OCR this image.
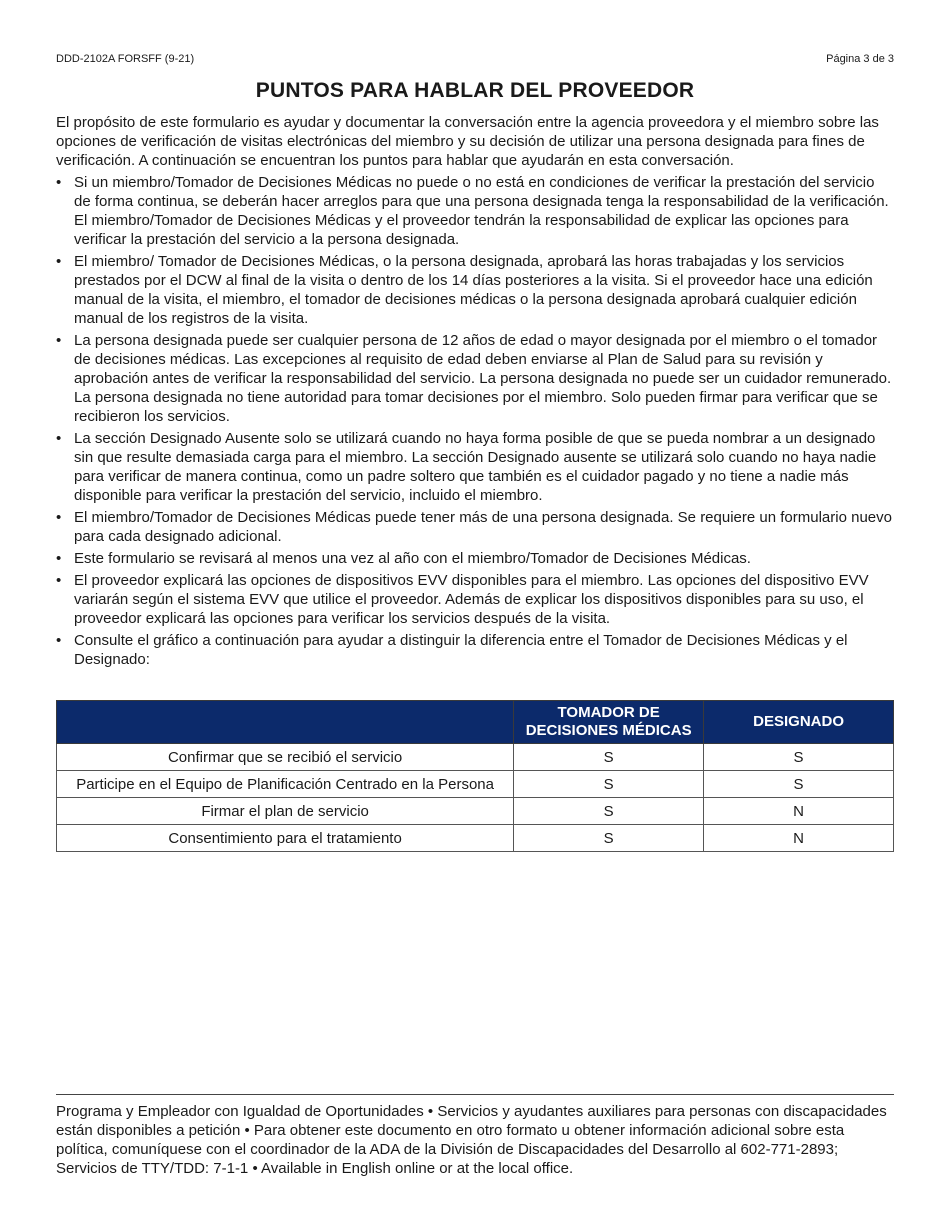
DDD-2102A FORSFF (9-21)	Página 3 de 3
PUNTOS PARA HABLAR DEL PROVEEDOR

El propósito de este formulario es ayudar y documentar la conversación entre la agencia proveedora y el miembro sobre las opciones de verificación de visitas electrónicas del miembro y su decisión de utilizar una persona designada para fines de verificación. A continuación se encuentran los puntos para hablar que ayudarán en esta conversación.

• Si un miembro/Tomador de Decisiones Médicas no puede o no está en condiciones de verificar la prestación del servicio de forma continua, se deberán hacer arreglos para que una persona designada tenga la responsabilidad de la verificación. El miembro/Tomador de Decisiones Médicas y el proveedor tendrán la responsabilidad de explicar las opciones para verificar la prestación del servicio a la persona designada.
• El miembro/ Tomador de Decisiones Médicas, o la persona designada, aprobará las horas trabajadas y los servicios prestados por el DCW al final de la visita o dentro de los 14 días posteriores a la visita. Si el proveedor hace una edición manual de la visita, el miembro, el tomador de decisiones médicas o la persona designada aprobará cualquier edición manual de los registros de la visita.
• La persona designada puede ser cualquier persona de 12 años de edad o mayor designada por el miembro o el tomador de decisiones médicas. Las excepciones al requisito de edad deben enviarse al Plan de Salud para su revisión y aprobación antes de verificar la responsabilidad del servicio. La persona designada no puede ser un cuidador remunerado. La persona designada no tiene autoridad para tomar decisiones por el miembro. Solo pueden firmar para verificar que se recibieron los servicios.
• La sección Designado Ausente solo se utilizará cuando no haya forma posible de que se pueda nombrar a un designado sin que resulte demasiada carga para el miembro. La sección Designado ausente se utilizará solo cuando no haya nadie para verificar de manera continua, como un padre soltero que también es el cuidador pagado y no tiene a nadie más disponible para verificar la prestación del servicio, incluido el miembro.
• El miembro/Tomador de Decisiones Médicas puede tener más de una persona designada. Se requiere un formulario nuevo para cada designado adicional.
• Este formulario se revisará al menos una vez al año con el miembro/Tomador de Decisiones Médicas.
• El proveedor explicará las opciones de dispositivos EVV disponibles para el miembro. Las opciones del dispositivo EVV variarán según el sistema EVV que utilice el proveedor. Además de explicar los dispositivos disponibles para su uso, el proveedor explicará las opciones para verificar los servicios después de la visita.
• Consulte el gráfico a continuación para ayudar a distinguir la diferencia entre el Tomador de Decisiones Médicas y el Designado:
	TOMADOR DE DECISIONES MÉDICAS	DESIGNADO
Confirmar que se recibió el servicio	S	S
Participe en el Equipo de Planificación Centrado en la Persona	S	S
Firmar el plan de servicio	S	N
Consentimiento para el tratamiento	S	N

Programa y Empleador con Igualdad de Oportunidades • Servicios y ayudantes auxiliares para personas con discapacidades están disponibles a petición • Para obtener este documento en otro formato u obtener información adicional sobre esta política, comuníquese con el coordinador de la ADA de la División de Discapacidades del Desarrollo al 602-771-2893; Servicios de TTY/TDD: 7-1-1 • Available in English online or at the local office.
